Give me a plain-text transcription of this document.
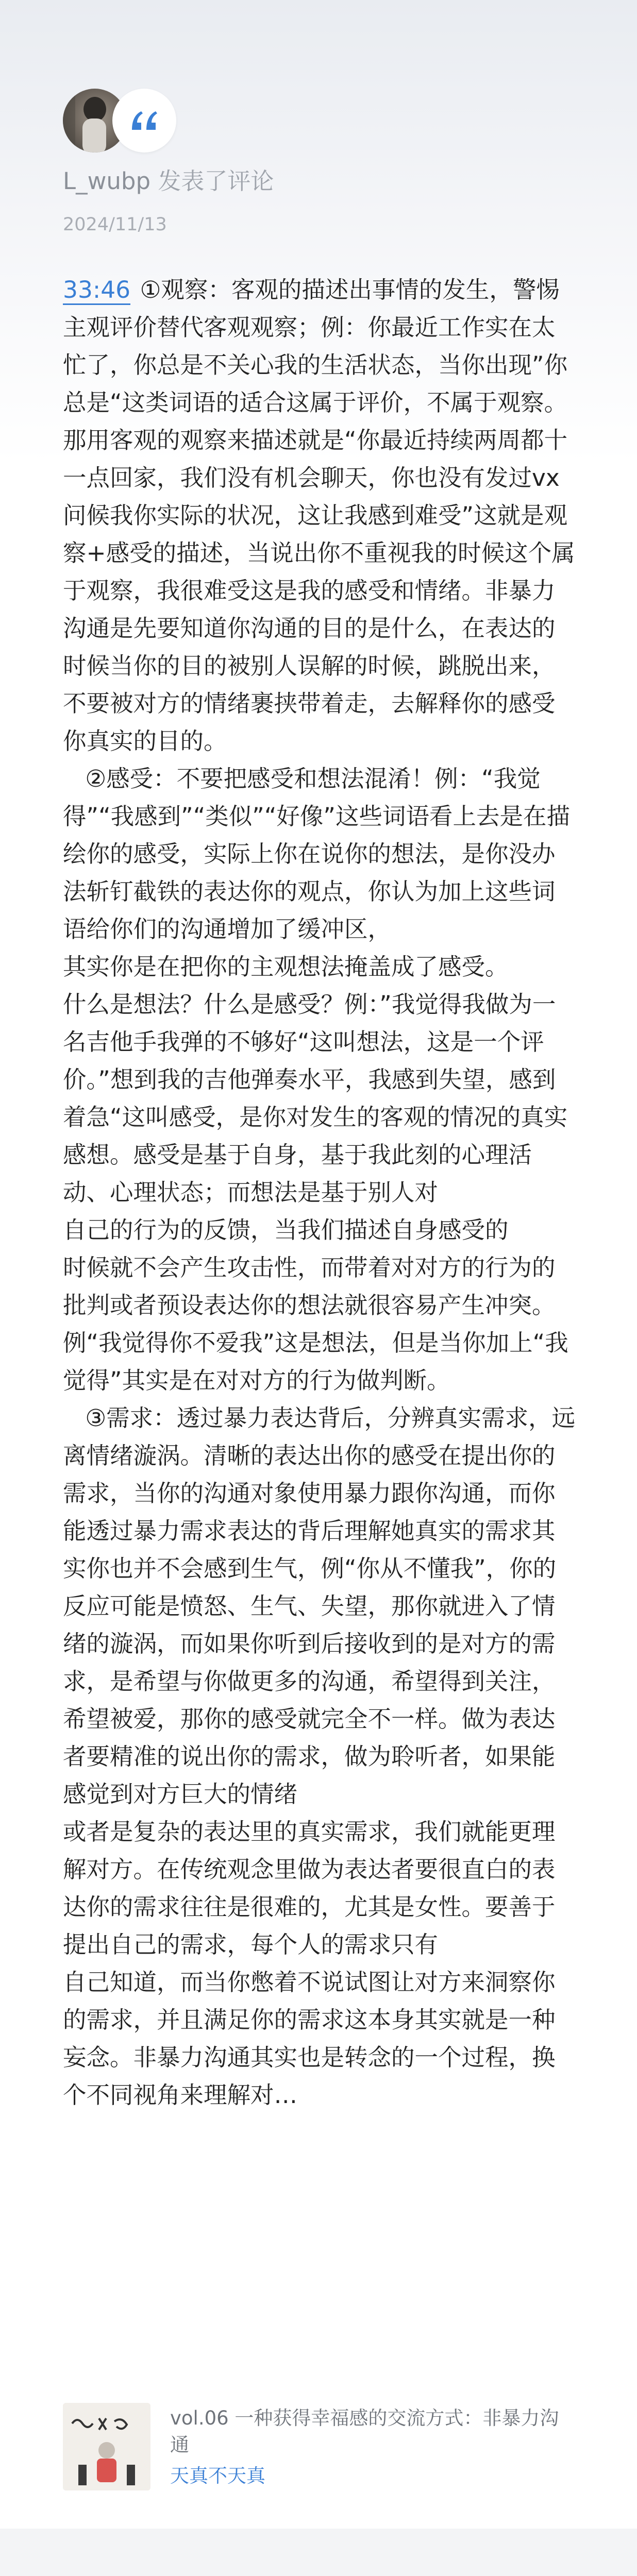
L_wubp 发表了评论
2024/11/13
33:46 ①观察：客观的描述出事情的发生，警惕主观评价替代客观观察；例：你最近工作实在太忙了，你总是不关心我的生活状态，当你出现”你总是“这类词语的适合这属于评价，不属于观察。那用客观的观察来描述就是“你最近持续两周都十一点回家，我们没有机会聊天，你也没有发过vx问候我你实际的状况，这让我感到难受”这就是观察+感受的描述，当说出你不重视我的时候这个属于观察，我很难受这是我的感受和情绪。非暴力沟通是先要知道你沟通的目的是什么，在表达的时候当你的目的被别人误解的时候，跳脱出来，不要被对方的情绪裹挟带着走，去解释你的感受你真实的目的。
②感受：不要把感受和想法混淆！例：“我觉得”“我感到”“类似”“好像”这些词语看上去是在描绘你的感受，实际上你在说你的想法，是你没办法斩钉截铁的表达你的观点，你认为加上这些词语给你们的沟通增加了缓冲区，
其实你是在把你的主观想法掩盖成了感受。
什么是想法？什么是感受？例：”我觉得我做为一名吉他手我弹的不够好“这叫想法，这是一个评价。”想到我的吉他弹奏水平，我感到失望，感到着急“这叫感受，是你对发生的客观的情况的真实感想。感受是基于自身，基于我此刻的心理活动、心理状态；而想法是基于别人对
自己的行为的反馈，当我们描述自身感受的
时候就不会产生攻击性，而带着对对方的行为的批判或者预设表达你的想法就很容易产生冲突。例“我觉得你不爱我”这是想法，但是当你加上“我觉得”其实是在对对方的行为做判断。
③需求：透过暴力表达背后，分辨真实需求，远离情绪漩涡。清晰的表达出你的感受在提出你的需求，当你的沟通对象使用暴力跟你沟通，而你能透过暴力需求表达的背后理解她真实的需求其实你也并不会感到生气，例“你从不懂我”，你的反应可能是愤怒、生气、失望，那你就进入了情绪的漩涡，而如果你听到后接收到的是对方的需求，是希望与你做更多的沟通，希望得到关注，希望被爱，那你的感受就完全不一样。做为表达者要精准的说出你的需求，做为聆听者，如果能感觉到对方巨大的情绪
或者是复杂的表达里的真实需求，我们就能更理解对方。在传统观念里做为表达者要很直白的表达你的需求往往是很难的，尤其是女性。要善于提出自己的需求，每个人的需求只有
自己知道，而当你憋着不说试图让对方来洞察你的需求，并且满足你的需求这本身其实就是一种妄念。非暴力沟通其实也是转念的一个过程，换个不同视角来理解对…
vol.06 一种获得幸福感的交流方式：非暴力沟通
天真不天真
